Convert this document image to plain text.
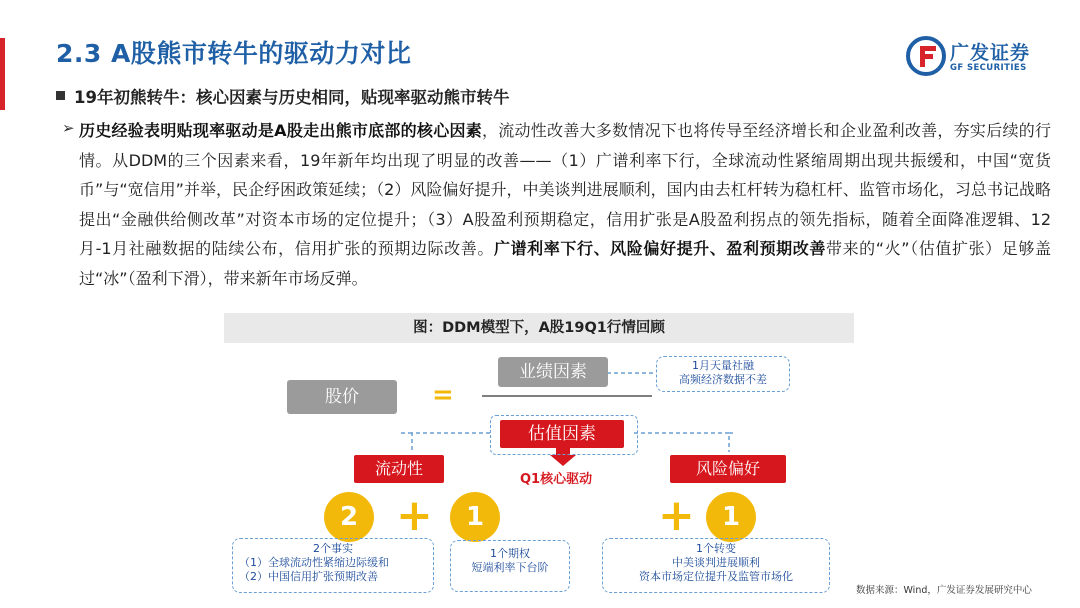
2.3 A股熊市转牛的驱动力对比	广发证券
GF SECURITIES
19年初熊转牛：核心因素与历史相同，贴现率驱动熊市转牛
➢ 历史经验表明贴现率驱动是A股走出熊市底部的核心因素，流动性改善大多数情况下也将传导至经济增长和企业盈利改善，夯实后续的行情。从DDM的三个因素来看，19年新年均出现了明显的改善——（1）广谱利率下行，全球流动性紧缩周期出现共振缓和，中国“宽货币”与“宽信用”并举，民企纾困政策延续；（2）风险偏好提升，中美谈判进展顺利，国内由去杠杆转为稳杠杆、监管市场化，习总书记战略提出“金融供给侧改革”对资本市场的定位提升；（3）A股盈利预期稳定，信用扩张是A股盈利拐点的领先指标，随着全面降准逻辑、12月-1月社融数据的陆续公布，信用扩张的预期边际改善。广谱利率下行、风险偏好提升、盈利预期改善带来的“火”（估值扩张）足够盖过“冰”（盈利下滑），带来新年市场反弹。
图：DDM模型下，A股19Q1行情回顾
股价	=
业绩因素	1月天量社融
高频经济数据不差
估值因素
Q1核心驱动
流动性	风险偏好
2 +	1	+	1
2个事实
（1）全球流动性紧缩边际缓和
（2）中国信用扩张预期改善
1个期权
短端利率下台阶
1个转变
中美谈判进展顺利
资本市场定位提升及监管市场化
数据来源：Wind，广发证券发展研究中心
